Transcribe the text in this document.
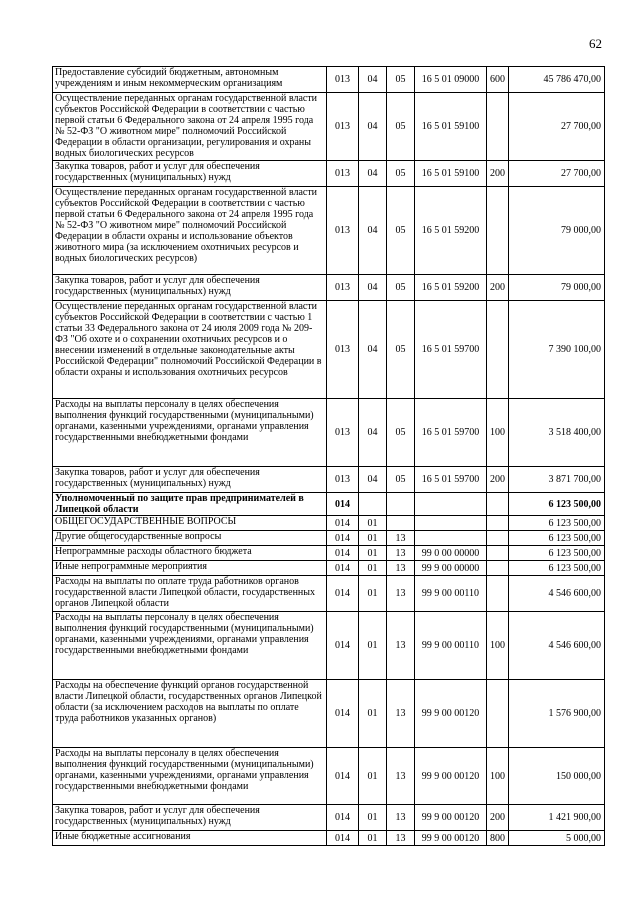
62
Предоставление субсидий бюджетным, автономным учреждениям и иным некоммерческим организациям	013	04	05	16 5 01 09000	600	45 786 470,00
Осуществление переданных органам государственной власти субъектов Российской Федерации в соответствии с частью первой статьи 6 Федерального закона от 24 апреля 1995 года № 52-ФЗ "О животном мире" полномочий Российской Федерации в области организации, регулирования и охраны водных биологических ресурсов	013	04	05	16 5 01 59100		27 700,00
Закупка товаров, работ и услуг для обеспечения государственных (муниципальных) нужд	013	04	05	16 5 01 59100	200	27 700,00
Осуществление переданных органам государственной власти субъектов Российской Федерации в соответствии с частью первой статьи 6 Федерального закона от 24 апреля 1995 года № 52-ФЗ "О животном мире" полномочий Российской Федерации в области охраны и использование объектов животного мира (за исключением охотничьих ресурсов и водных биологических ресурсов)	013	04	05	16 5 01 59200		79 000,00
Закупка товаров, работ и услуг для обеспечения государственных (муниципальных) нужд	013	04	05	16 5 01 59200	200	79 000,00
Осуществление переданных органам государственной власти субъектов Российской Федерации в соответствии с частью 1 статьи 33 Федерального закона от 24 июля 2009 года № 209-ФЗ "Об охоте и о сохранении охотничьих ресурсов и о внесении изменений в отдельные законодательные акты Российской Федерации" полномочий Российской Федерации в области охраны и использования охотничьих ресурсов	013	04	05	16 5 01 59700		7 390 100,00
Расходы на выплаты персоналу в целях обеспечения выполнения функций государственными (муниципальными) органами, казенными учреждениями, органами управления государственными внебюджетными фондами	013	04	05	16 5 01 59700	100	3 518 400,00
Закупка товаров, работ и услуг для обеспечения государственных (муниципальных) нужд	013	04	05	16 5 01 59700	200	3 871 700,00
Уполномоченный по защите прав предпринимателей в Липецкой области	014					6 123 500,00
ОБЩЕГОСУДАРСТВЕННЫЕ ВОПРОСЫ	014	01				6 123 500,00
Другие общегосударственные вопросы	014	01	13			6 123 500,00
Непрограммные расходы областного бюджета	014	01	13	99 0 00 00000		6 123 500,00
Иные непрограммные мероприятия	014	01	13	99 9 00 00000		6 123 500,00
Расходы на выплаты по оплате труда работников органов государственной власти Липецкой области, государственных органов Липецкой области	014	01	13	99 9 00 00110		4 546 600,00
Расходы на выплаты персоналу в целях обеспечения выполнения функций государственными (муниципальными) органами, казенными учреждениями, органами управления государственными внебюджетными фондами	014	01	13	99 9 00 00110	100	4 546 600,00
Расходы на обеспечение функций органов государственной власти Липецкой области, государственных органов Липецкой области (за исключением расходов на выплаты по оплате труда работников указанных органов)	014	01	13	99 9 00 00120		1 576 900,00
Расходы на выплаты персоналу в целях обеспечения выполнения функций государственными (муниципальными) органами, казенными учреждениями, органами управления государственными внебюджетными фондами	014	01	13	99 9 00 00120	100	150 000,00
Закупка товаров, работ и услуг для обеспечения государственных (муниципальных) нужд	014	01	13	99 9 00 00120	200	1 421 900,00
Иные бюджетные ассигнования	014	01	13	99 9 00 00120	800	5 000,00
